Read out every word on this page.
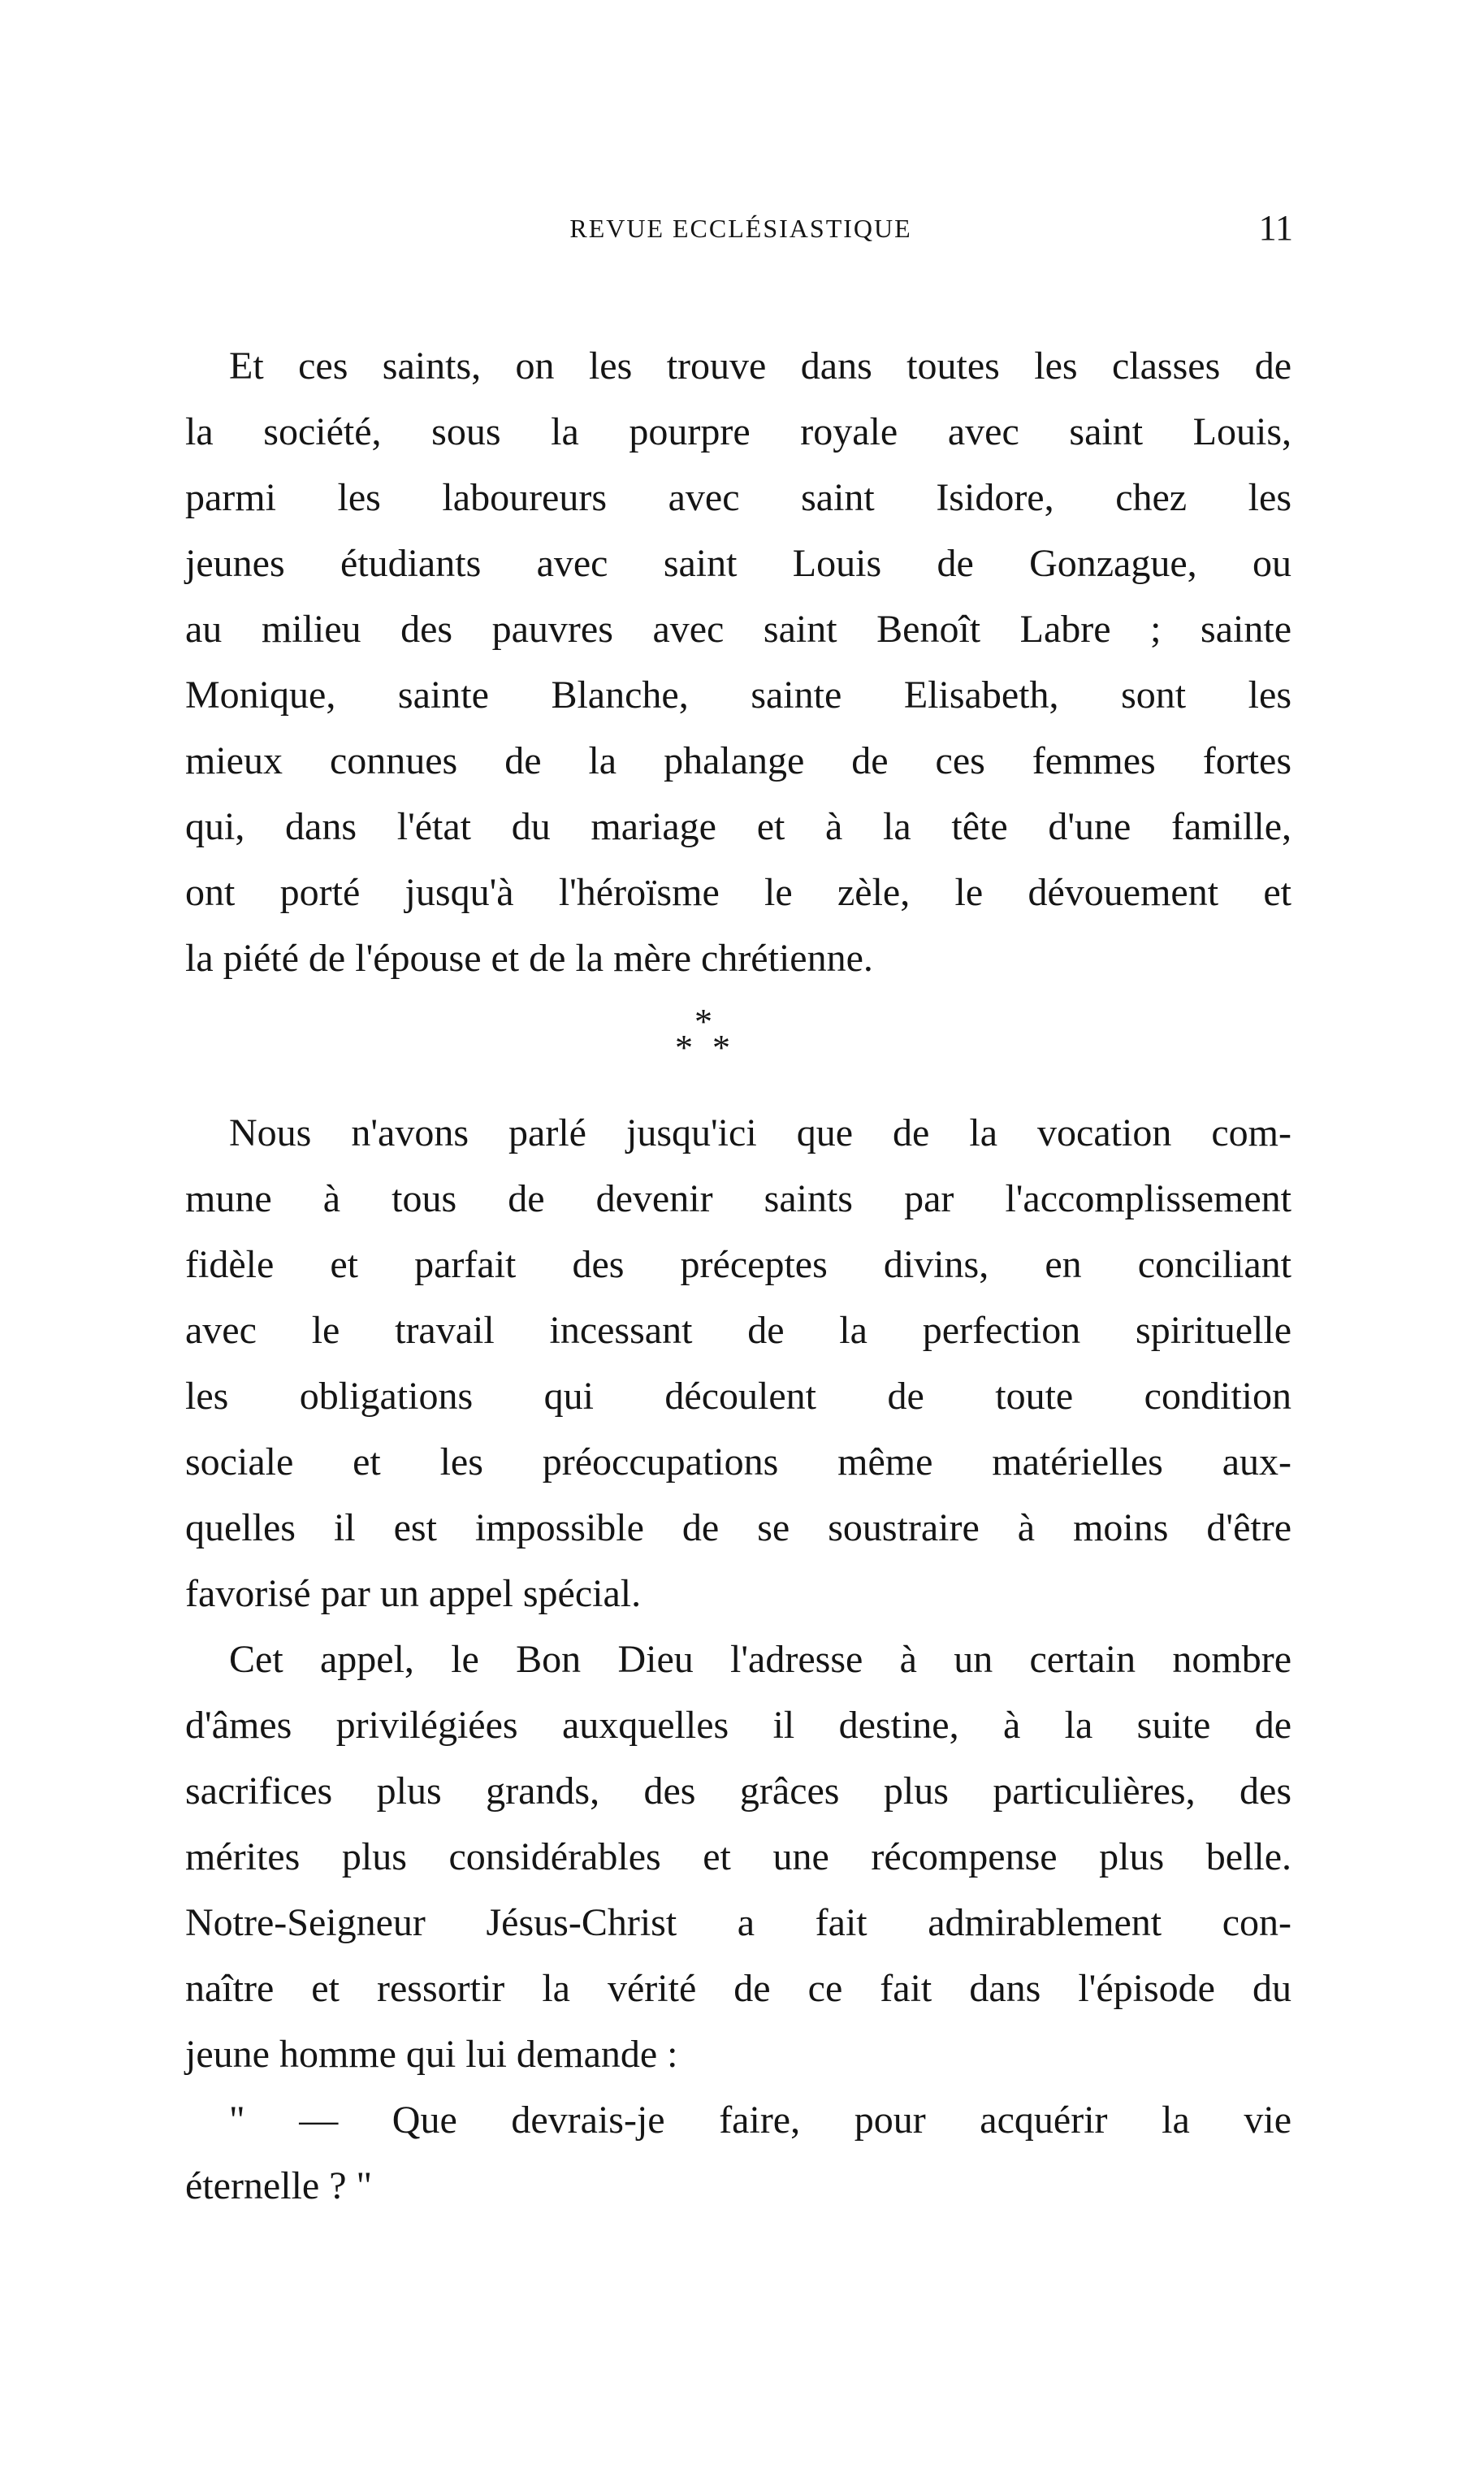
REVUE ECCLÉSIASTIQUE	11
Et ces saints, on les trouve dans toutes les classes de
la société, sous la pourpre royale avec saint Louis,
parmi les laboureurs avec saint Isidore, chez les
jeunes étudiants avec saint Louis de Gonzague, ou
au milieu des pauvres avec saint Benoît Labre ; sainte
Monique, sainte Blanche, sainte Elisabeth, sont les
mieux connues de la phalange de ces femmes fortes
qui, dans l'état du mariage et à la tête d'une famille,
ont porté jusqu'à l'héroïsme le zèle, le dévouement et
la piété de l'épouse et de la mère chrétienne.
*
* *
Nous n'avons parlé jusqu'ici que de la vocation com-
mune à tous de devenir saints par l'accomplissement
fidèle et parfait des préceptes divins, en conciliant
avec le travail incessant de la perfection spirituelle
les obligations qui découlent de toute condition
sociale et les préoccupations même matérielles aux-
quelles il est impossible de se soustraire à moins d'être
favorisé par un appel spécial.
Cet appel, le Bon Dieu l'adresse à un certain nombre
d'âmes privilégiées auxquelles il destine, à la suite de
sacrifices plus grands, des grâces plus particulières, des
mérites plus considérables et une récompense plus belle.
Notre-Seigneur Jésus-Christ a fait admirablement con-
naître et ressortir la vérité de ce fait dans l'épisode du
jeune homme qui lui demande :
" — Que devrais-je faire, pour acquérir la vie
éternelle ? "
